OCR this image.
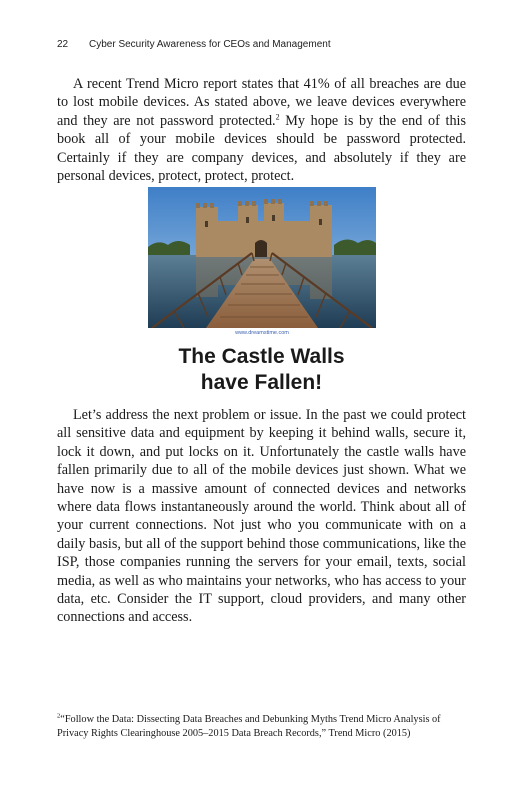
22 Cyber Security Awareness for CEOs and Management

A recent Trend Micro report states that 41% of all breaches are due to lost mobile devices. As stated above, we leave devices everywhere and they are not password protected.$^2$ My hope is by the end of this book all of your mobile devices should be password protected. Certainly if they are company devices, and absolutely if they are personal devices, protect, protect, protect.

www.dreamstime.com
The Castle Walls
have Fallen!

Let’s address the next problem or issue. In the past we could protect all sensitive data and equipment by keeping it behind walls, secure it, lock it down, and put locks on it. Unfortunately the castle walls have fallen primarily due to all of the mobile devices just shown. What we have now is a massive amount of connected devices and networks where data flows instantaneously around the world. Think about all of your current connections. Not just who you communicate with on a daily basis, but all of the support behind those communications, like the ISP, those companies running the servers for your email, texts, social media, as well as who maintains your networks, who has access to your data, etc. Consider the IT support, cloud providers, and many other connections and access.

$^2$“Follow the Data: Dissecting Data Breaches and Debunking Myths Trend Micro Analysis of Privacy Rights Clearinghouse 2005–2015 Data Breach Records,” Trend Micro (2015)
